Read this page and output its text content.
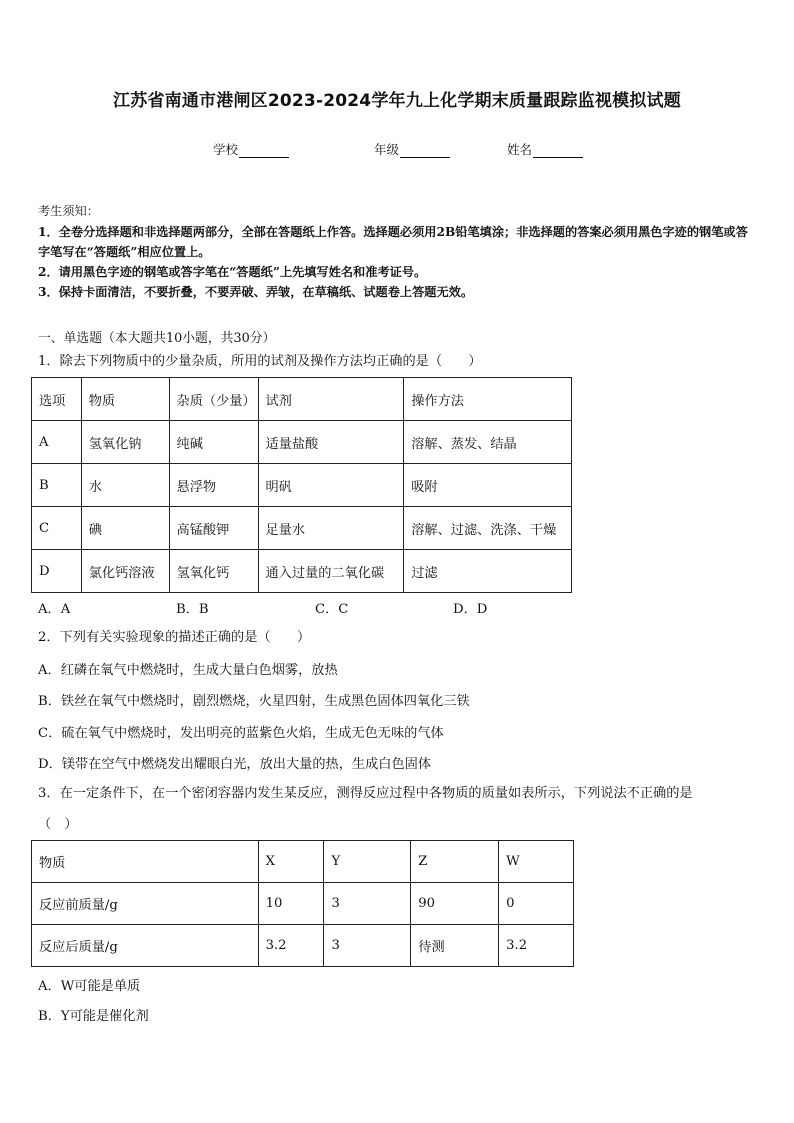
江苏省南通市港闸区2023-2024学年九上化学期末质量跟踪监视模拟试题
学校	年级	姓名
考生须知：
1．全卷分选择题和非选择题两部分，全部在答题纸上作答。选择题必须用2B铅笔填涂；非选择题的答案必须用黑色字迹的钢笔或答字笔写在“答题纸”相应位置上。
2．请用黑色字迹的钢笔或答字笔在“答题纸”上先填写姓名和准考证号。
3．保持卡面清洁，不要折叠，不要弄破、弄皱，在草稿纸、试题卷上答题无效。
一、单选题（本大题共10小题，共30分）
1．除去下列物质中的少量杂质，所用的试剂及操作方法均正确的是（　　）
选项	物质	杂质（少量）	试剂	操作方法
A	氢氧化钠	纯碱	适量盐酸	溶解、蒸发、结晶
B	水	悬浮物	明矾	吸附
C	碘	高锰酸钾	足量水	溶解、过滤、洗涤、干燥
D	氯化钙溶液	氢氧化钙	通入过量的二氧化碳	过滤
A．A	B．B	C．C	D．D
2．下列有关实验现象的描述正确的是（　　）
A．红磷在氧气中燃烧时，生成大量白色烟雾，放热
B．铁丝在氧气中燃烧时，剧烈燃烧，火星四射，生成黑色固体四氧化三铁
C．硫在氧气中燃烧时，发出明亮的蓝紫色火焰，生成无色无味的气体
D．镁带在空气中燃烧发出耀眼白光，放出大量的热，生成白色固体
3．在一定条件下，在一个密闭容器内发生某反应，测得反应过程中各物质的质量如表所示，下列说法不正确的是
（　）
物质	X	Y	Z	W
反应前质量/g	10	3	90	0
反应后质量/g	3.2	3	待测	3.2
A．W可能是单质
B．Y可能是催化剂
